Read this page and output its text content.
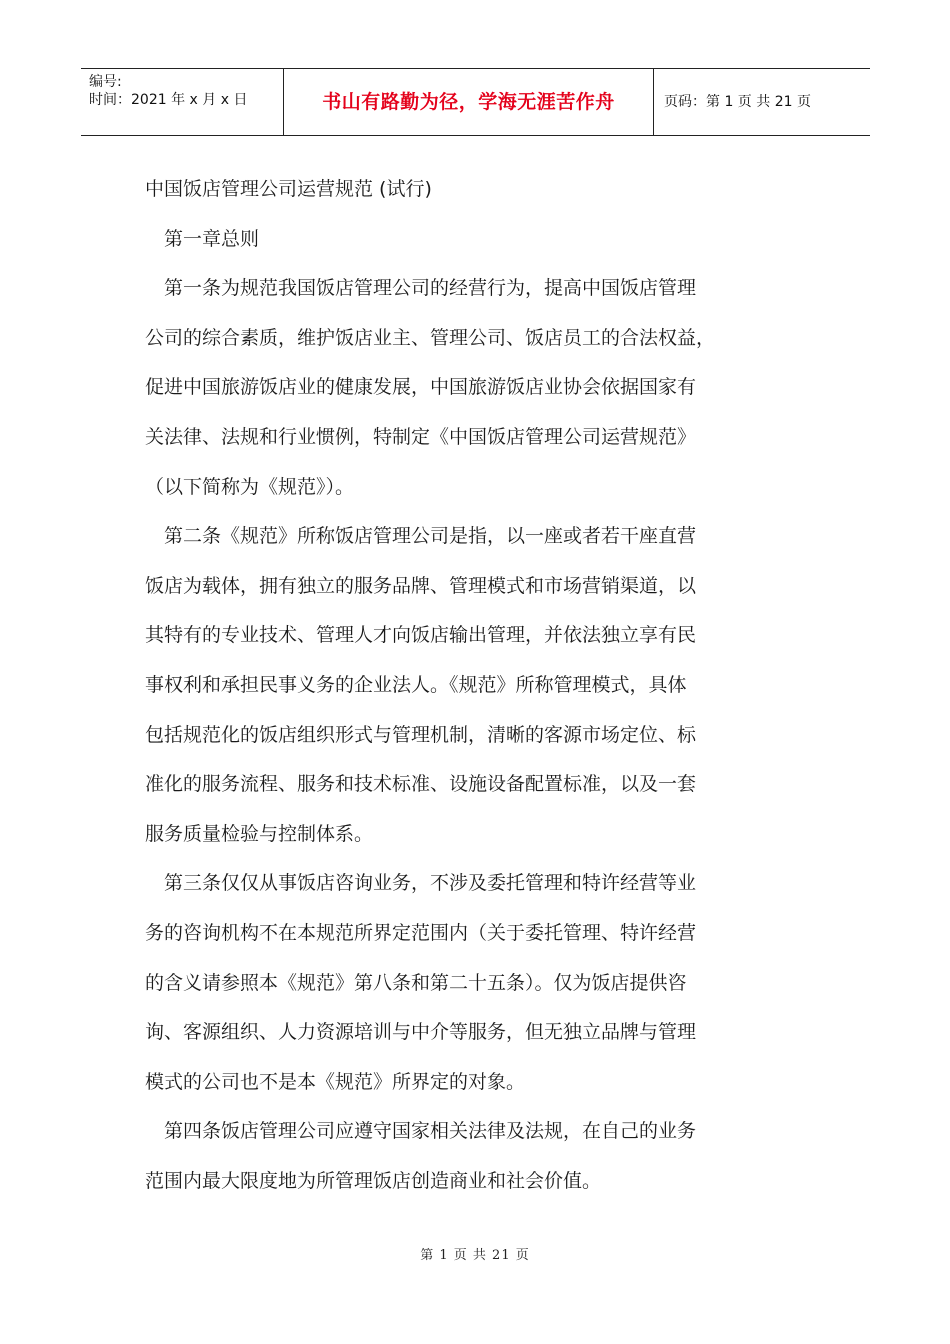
编号:
时间：2021 年 x 月 x 日	书山有路勤为径，学海无涯苦作舟	页码：第 1 页 共 21 页

中国饭店管理公司运营规范 (试行)

第一章总则

第一条为规范我国饭店管理公司的经营行为，提高中国饭店管理
公司的综合素质，维护饭店业主、管理公司、饭店员工的合法权益，
促进中国旅游饭店业的健康发展，中国旅游饭店业协会依据国家有
关法律、法规和行业惯例，特制定《中国饭店管理公司运营规范》
（以下简称为《规范》）。

第二条《规范》所称饭店管理公司是指，以一座或者若干座直营
饭店为载体，拥有独立的服务品牌、管理模式和市场营销渠道，以
其特有的专业技术、管理人才向饭店输出管理，并依法独立享有民
事权利和承担民事义务的企业法人。《规范》所称管理模式，具体
包括规范化的饭店组织形式与管理机制，清晰的客源市场定位、标
准化的服务流程、服务和技术标准、设施设备配置标准，以及一套
服务质量检验与控制体系。

第三条仅仅从事饭店咨询业务，不涉及委托管理和特许经营等业
务的咨询机构不在本规范所界定范围内（关于委托管理、特许经营
的含义请参照本《规范》第八条和第二十五条）。仅为饭店提供咨
询、客源组织、人力资源培训与中介等服务，但无独立品牌与管理
模式的公司也不是本《规范》所界定的对象。

第四条饭店管理公司应遵守国家相关法律及法规，在自己的业务
范围内最大限度地为所管理饭店创造商业和社会价值。

第 1 页 共 21 页
